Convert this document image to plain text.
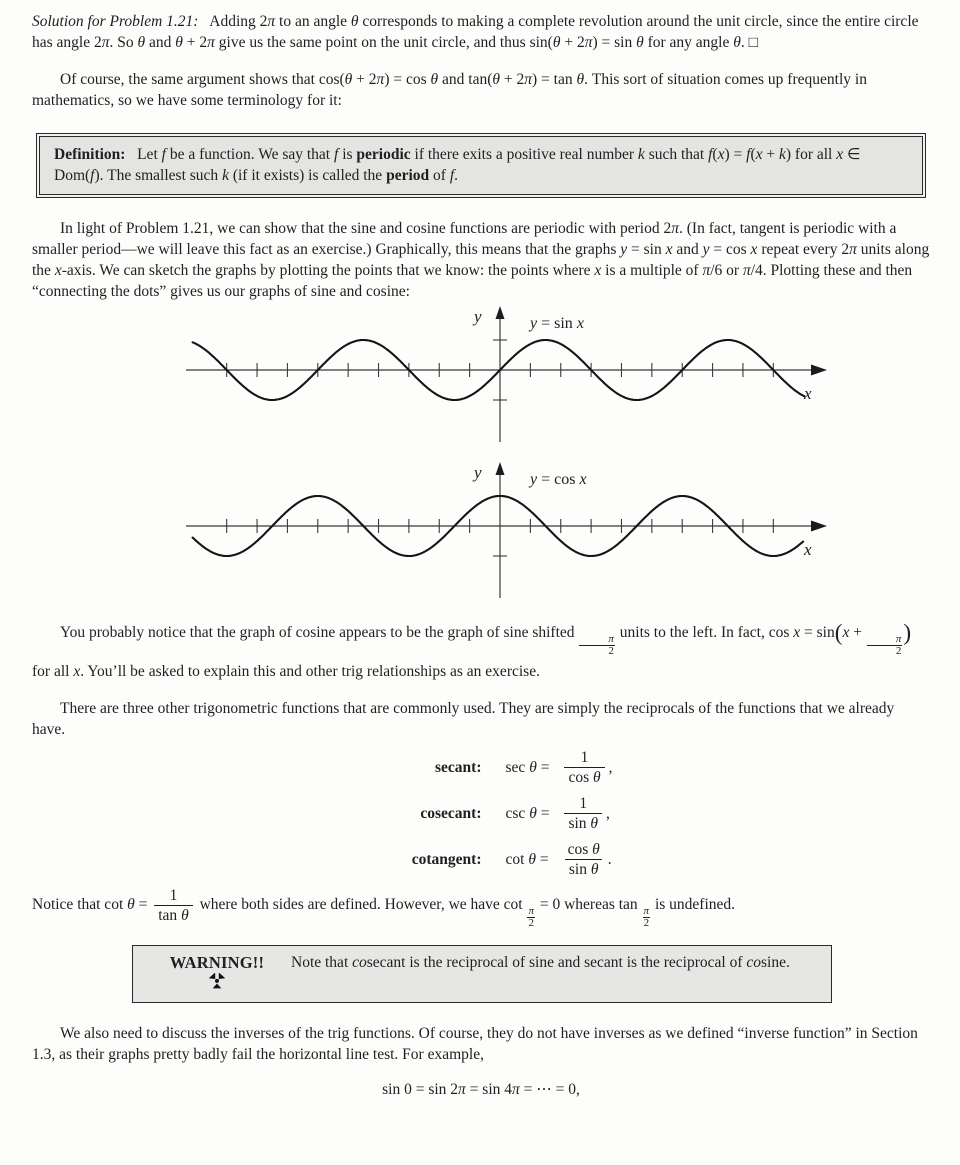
Solution for Problem 1.21:   Adding 2π to an angle θ corresponds to making a complete revolution around the unit circle, since the entire circle has angle 2π. So θ and θ + 2π give us the same point on the unit circle, and thus sin(θ + 2π) = sin θ for any angle θ. □

Of course, the same argument shows that cos(θ + 2π) = cos θ and tan(θ + 2π) = tan θ. This sort of situation comes up frequently in mathematics, so we have some terminology for it:

Definition:   Let f be a function. We say that f is periodic if there exits a positive real number k such that f(x) = f(x + k) for all x ∈ Dom(f). The smallest such k (if it exists) is called the period of f.

In light of Problem 1.21, we can show that the sine and cosine functions are periodic with period 2π. (In fact, tangent is periodic with a smaller period—we will leave this fact as an exercise.) Graphically, this means that the graphs y = sin x and y = cos x repeat every 2π units along the x-axis. We can sketch the graphs by plotting the points that we know: the points where x is a multiple of π/6 or π/4. Plotting these and then “connecting the dots” gives us our graphs of sine and cosine:

y
x
y = sin x
y
x
y = cos x

You probably notice that the graph of cosine appears to be the graph of sine shifted
$\frac{\pi}{2}$
units to the left. In fact, cos x = sin(x +
$\frac{\pi}{2}$ ) for all x. You’ll be asked to explain this and other trig relationships as an exercise.

There are three other trigonometric functions that are commonly used. They are simply the reciprocals of the functions that we already have.

secant: $\sec \theta = \frac{1}{\text{cos θ}}$ ,
cosecant: $\csc \theta = \frac{1}{\text{sin θ}}$ ,
cotangent: $\cot \theta = \frac{\text{cos θ}}{\text{sin θ}}$ .

Notice that $\cot \theta = \frac{1}{\text{tan θ}}$ where both sides are defined. However, we have cot
$\frac{\pi}{2}$
= 0 whereas tan
$\frac{\pi}{2}$
is undefined.

WARNING!!	Note that cosecant is the reciprocal of sine and secant is the reciprocal of cosine.

We also need to discuss the inverses of the trig functions. Of course, they do not have inverses as we defined “inverse function” in Section 1.3, as their graphs pretty badly fail the horizontal line test. For example,

sin 0 = sin 2π = sin 4π = ⋯ = 0,
